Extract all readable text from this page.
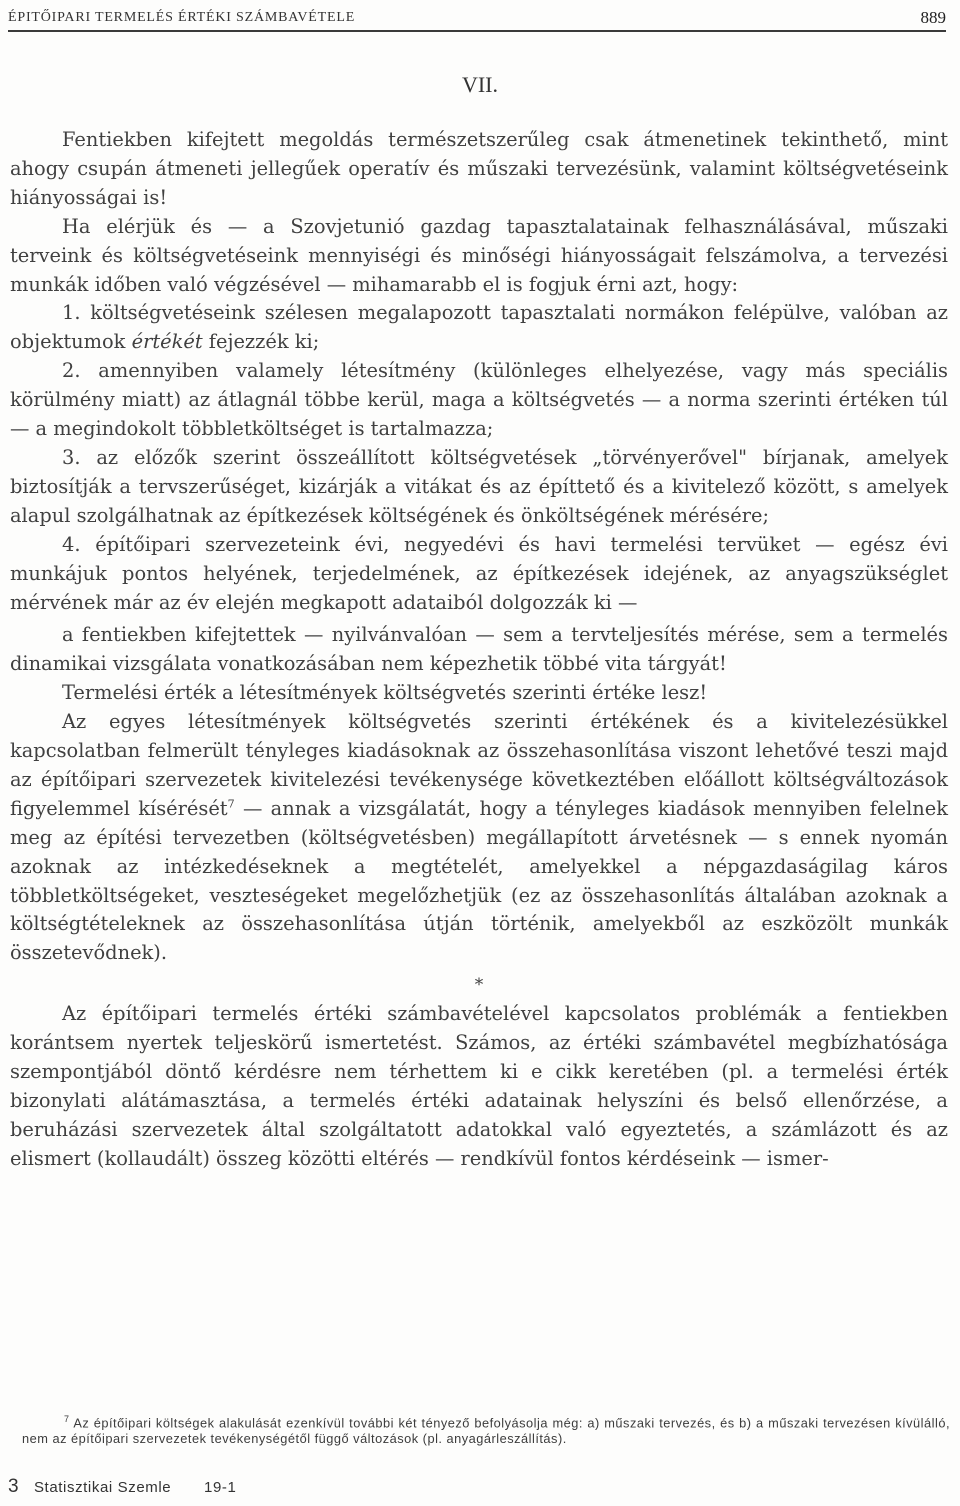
ÉPITŐIPARI TERMELÉS ÉRTÉKI SZÁMBAVÉTELE	889
VII.

Fentiekben kifejtett megoldás természetszerűleg csak átmenetinek tekinthető, mint ahogy csupán átmeneti jellegűek operatív és műszaki tervezésünk, valamint költségvetéseink hiányosságai is!

Ha elérjük és — a Szovjetunió gazdag tapasztalatainak felhasználásával, műszaki terveink és költségvetéseink mennyiségi és minőségi hiányosságait felszámolva, a tervezési munkák időben való végzésével — mihamarabb el is fogjuk érni azt, hogy:

1. költségvetéseink szélesen megalapozott tapasztalati normákon felépülve, valóban az objektumok értékét fejezzék ki;

2. amennyiben valamely létesítmény (különleges elhelyezése, vagy más speciális körülmény miatt) az átlagnál többe kerül, maga a költségvetés — a norma szerinti értéken túl — a megindokolt többletköltséget is tartalmazza;

3. az előzők szerint összeállított költségvetések „törvényerővel" bírjanak, amelyek biztosítják a tervszerűséget, kizárják a vitákat és az építtető és a kivitelező között, s amelyek alapul szolgálhatnak az építkezések költségének és önköltségének mérésére;

4. építőipari szervezeteink évi, negyedévi és havi termelési tervüket — egész évi munkájuk pontos helyének, terjedelmének, az építkezések idejének, az anyagszükséglet mérvének már az év elején megkapott adataiból dolgozzák ki —

a fentiekben kifejtettek — nyilvánvalóan — sem a tervteljesítés mérése, sem a termelés dinamikai vizsgálata vonatkozásában nem képezhetik többé vita tárgyát!

Termelési érték a létesítmények költségvetés szerinti értéke lesz!

Az egyes létesítmények költségvetés szerinti értékének és a kivitelezésükkel kapcsolatban felmerült tényleges kiadásoknak az összehasonlítása viszont lehetővé teszi majd az építőipari szervezetek kivitelezési tevékenysége következtében előállott költségváltozások figyelemmel kísérését$^7$ — annak a vizsgálatát, hogy a tényleges kiadások mennyiben felelnek meg az építési tervezetben (költségvetésben) megállapított árvetésnek — s ennek nyomán azoknak az intézkedéseknek a megtételét, amelyekkel a népgazdaságilag káros többletköltségeket, veszteségeket megelőzhetjük (ez az összehasonlítás általában azoknak a költségtételeknek az összehasonlítása útján történik, amelyekből az eszközölt munkák összetevődnek).

*

Az építőipari termelés értéki számbavételével kapcsolatos problémák a fentiekben korántsem nyertek teljeskörű ismertetést. Számos, az értéki számbavétel megbízhatósága szempontjából döntő kérdésre nem térhettem ki e cikk keretében (pl. a termelési érték bizonylati alátámasztása, a termelés értéki adatainak helyszíni és belső ellenőrzése, a beruházási szervezetek által szolgáltatott adatokkal való egyeztetés, a számlázott és az elismert (kollaudált) összeg közötti eltérés — rendkívül fontos kérdéseink — ismer-

$^7$ Az építőipari költségek alakulását ezenkívül további két tényező befolyásolja még: a) műszaki tervezés, és b) a műszaki tervezésen kívülálló, nem az építőipari szervezetek tevékenységétől függő változások (pl. anyagárleszállítás).

3 Statisztikai Szemle 19-1
